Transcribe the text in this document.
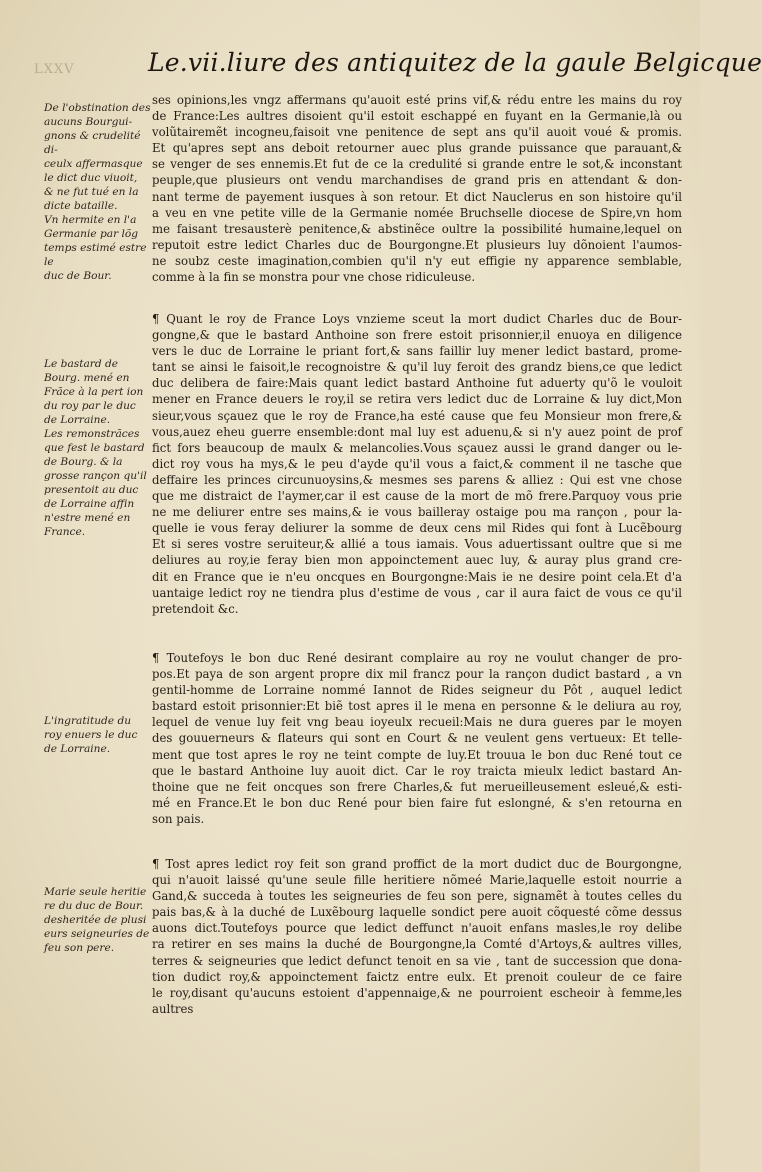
LXXV	Le.vii.liure des antiquitez de la gaule Belgicque
De l'obstination des aucuns Bourgui-
gnons & crudelité di-
ceulx affermasque
le dict duc viuoit,
& ne fut tué en la
dicte bataille.
Vn hermite en l'a
Germanie par lõg
temps estimé estre le
duc de Bour.
Le bastard de
Bourg. mené en
Frãce à la pert ion
du roy par le duc
de Lorraine.
Les remonstrãces
que fest le bastard
de Bourg. & la
grosse rançon qu'il
presentoit au duc
de Lorraine affin
n'estre mené en
France.
L'ingratitude du
roy enuers le duc
de Lorraine.
Marie seule heritie
re du duc de Bour.
desheritée de plusi
eurs seigneuries de
feu son pere.
ses opinions,les vngz affermans qu'auoit esté prins vif,& rédu entre les mains du roy
de France:Les aultres disoient qu'il estoit eschappé en fuyant en la Germanie,là ou
volũtairemẽt incogneu,faisoit vne penitence de sept ans qu'il auoit voué & promis.
Et qu'apres sept ans deboit retourner auec plus grande puissance que parauant,&
se venger de ses ennemis.Et fut de ce la credulité si grande entre le sot,& inconstant
peuple,que plusieurs ont vendu marchandises de grand pris en attendant & don-
nant terme de payement iusques à son retour. Et dict Nauclerus en son histoire qu'il
a veu en vne petite ville de la Germanie nomée Bruchselle diocese de Spire,vn hom
me faisant tresausterè penitence,& abstinẽce oultre la possibilité humaine,lequel on
reputoit estre ledict Charles duc de Bourgongne.Et plusieurs luy dõnoient l'aumos-
ne soubz ceste imagination,combien qu'il n'y eut effigie ny apparence semblable,
comme à la fin se monstra pour vne chose ridiculeuse.
¶ Quant le roy de France Loys vnzieme sceut la mort dudict Charles duc de Bour-
gongne,& que le bastard Anthoine son frere estoit prisonnier,il enuoya en diligence
vers le duc de Lorraine le priant fort,& sans faillir luy mener ledict bastard, prome-
tant se ainsi le faisoit,le recognoistre & qu'il luy feroit des grandz biens,ce que ledict
duc delibera de faire:Mais quant ledict bastard Anthoine fut aduerty qu'õ le vouloit
mener en France deuers le roy,il se retira vers ledict duc de Lorraine & luy dict,Mon
sieur,vous sçauez que le roy de France,ha esté cause que feu Monsieur mon frere,&
vous,auez eheu guerre ensemble:dont mal luy est aduenu,& si n'y auez point de prof
fict fors beaucoup de maulx & melancolies.Vous sçauez aussi le grand danger ou le-
dict roy vous ha mys,& le peu d'ayde qu'il vous a faict,& comment il ne tasche que
deffaire les princes circunuoysins,& mesmes ses parens & alliez : Qui est vne chose
que me distraict de l'aymer,car il est cause de la mort de mõ frere.Parquoy vous prie
ne me deliurer entre ses mains,& ie vous bailleray ostaige pou ma rançon , pour la-
quelle ie vous feray deliurer la somme de deux cens mil Rides qui font à Lucẽbourg
Et si seres vostre seruiteur,& allié a tous iamais. Vous aduertissant oultre que si me
deliures au roy,ie feray bien mon appoinctement auec luy, & auray plus grand cre-
dit en France que ie n'eu oncques en Bourgongne:Mais ie ne desire point cela.Et d'a
uantaige ledict roy ne tiendra plus d'estime de vous , car il aura faict de vous ce qu'il
pretendoit &c.
¶ Toutefoys le bon duc René desirant complaire au roy ne voulut changer de pro-
pos.Et paya de son argent propre dix mil francz pour la rançon dudict bastard , a vn
gentil-homme de Lorraine nommé Iannot de Rides seigneur du Pôt , auquel ledict
bastard estoit prisonnier:Et biẽ tost apres il le mena en personne & le deliura au roy,
lequel de venue luy feit vng beau ioyeulx recueil:Mais ne dura gueres par le moyen
des gouuerneurs & flateurs qui sont en Court & ne veulent gens vertueux: Et telle-
ment que tost apres le roy ne teint compte de luy.Et trouua le bon duc René tout ce
que le bastard Anthoine luy auoit dict. Car le roy traicta mieulx ledict bastard An-
thoine que ne feit oncques son frere Charles,& fut merueilleusement esleué,& esti-
mé en France.Et le bon duc René pour bien faire fut eslongné, & s'en retourna en
son pais.
¶ Tost apres ledict roy feit son grand proffict de la mort dudict duc de Bourgongne,
qui n'auoit laissé qu'une seule fille heritiere nõmeé Marie,laquelle estoit nourrie a
Gand,& succeda à toutes les seigneuries de feu son pere, signamẽt à toutes celles du
pais bas,& à la duché de Luxẽbourg laquelle sondict pere auoit cõquesté cõme dessus
auons dict.Toutefoys pource que ledict deffunct n'auoit enfans masles,le roy delibe
ra retirer en ses mains la duché de Bourgongne,la Comté d'Artoys,& aultres villes,
terres & seigneuries que ledict defunct tenoit en sa vie , tant de succession que dona-
tion dudict roy,& appoinctement faictz entre eulx. Et prenoit couleur de ce faire
le roy,disant qu'aucuns estoient d'appennaige,& ne pourroient escheoir à femme,les
aultres
